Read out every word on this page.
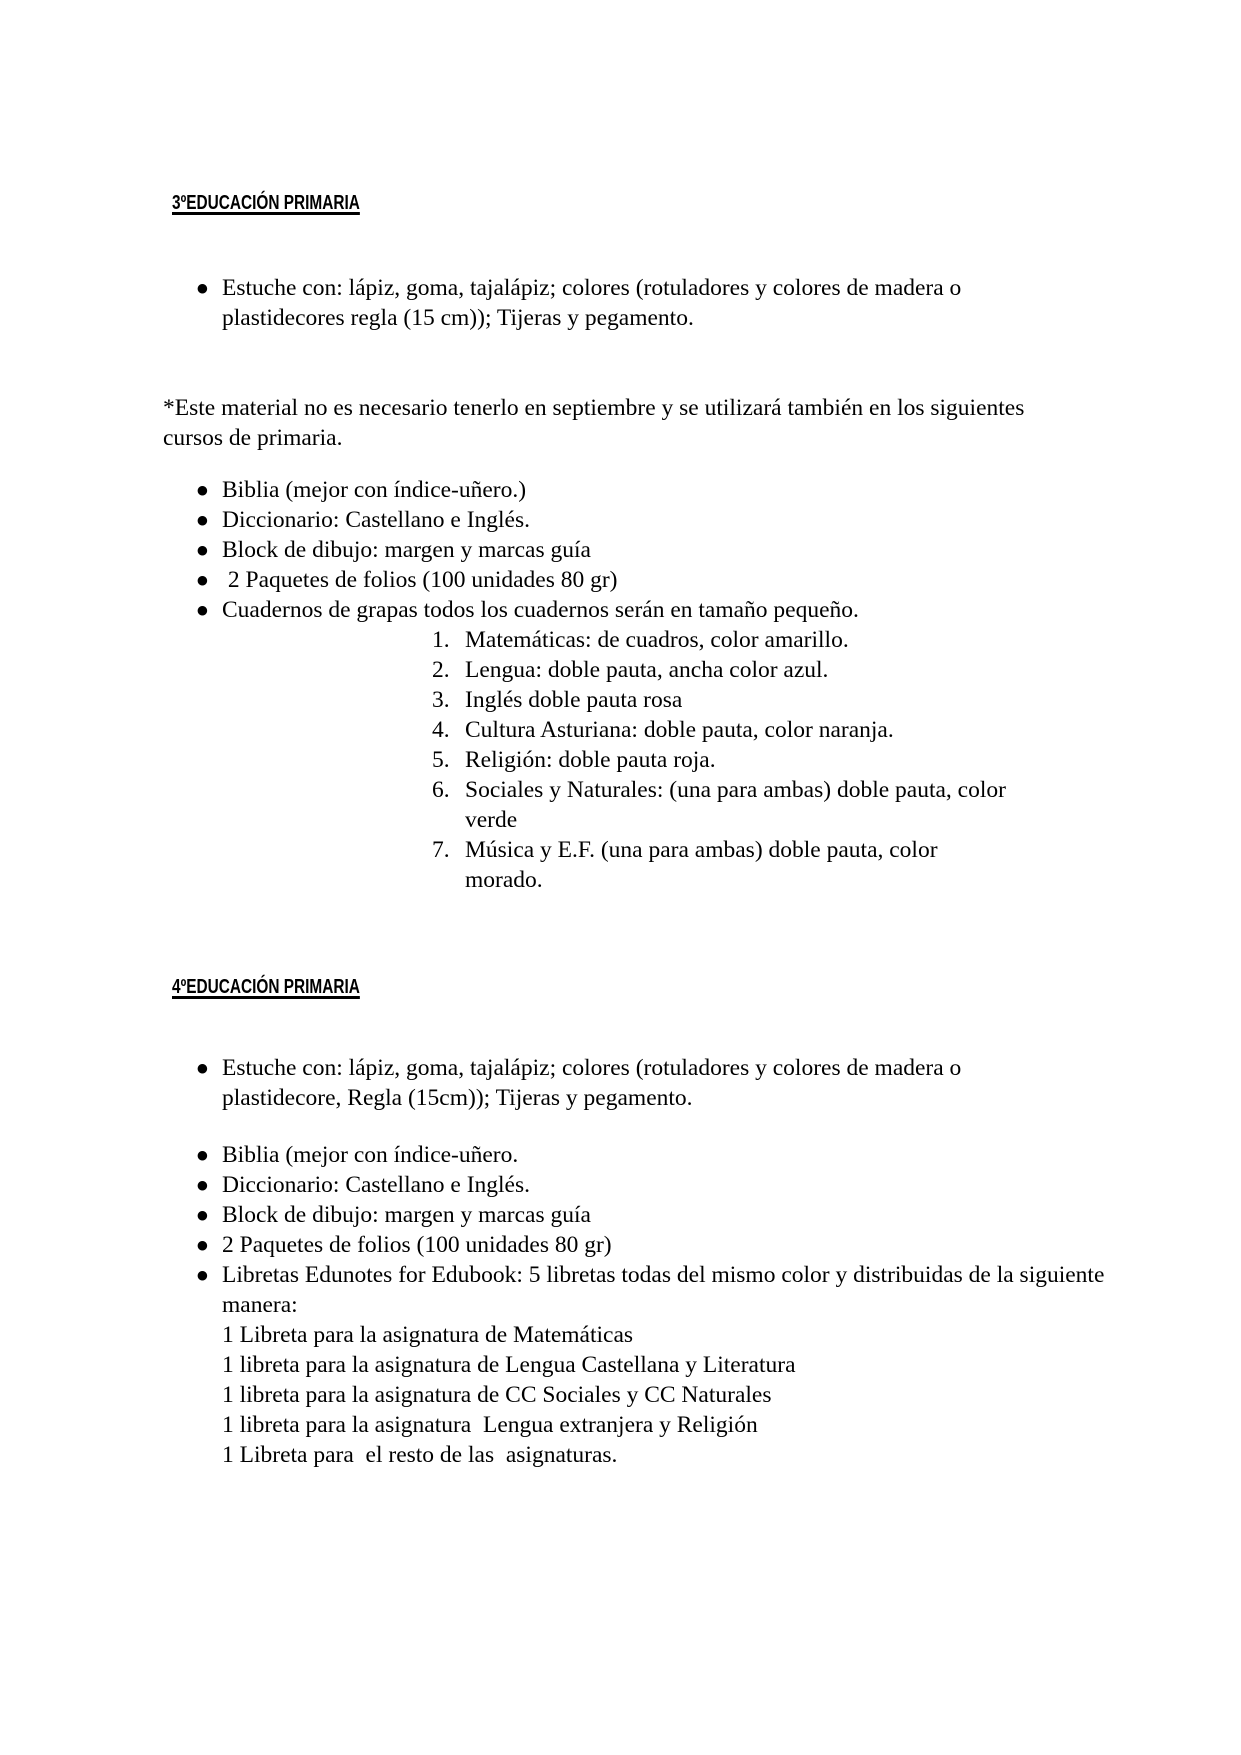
3ºEDUCACIÓN PRIMARIA
● Estuche con: lápiz, goma, tajalápiz; colores (rotuladores y colores de madera o plastidecores regla (15 cm)); Tijeras y pegamento.

*Este material no es necesario tenerlo en septiembre y se utilizará también en los siguientes cursos de primaria.

● Biblia (mejor con índice-uñero.)
● Diccionario: Castellano e Inglés.
● Block de dibujo: margen y marcas guía
●  2 Paquetes de folios (100 unidades 80 gr)
● Cuadernos de grapas todos los cuadernos serán en tamaño pequeño.
Matemáticas: de cuadros, color amarillo.
Lengua: doble pauta, ancha color azul.
Inglés doble pauta rosa
Cultura Asturiana: doble pauta, color naranja.
Religión: doble pauta roja.
Sociales y Naturales: (una para ambas) doble pauta, color verde
Música y E.F. (una para ambas) doble pauta, color morado.
4ºEDUCACIÓN PRIMARIA
● Estuche con: lápiz, goma, tajalápiz; colores (rotuladores y colores de madera o plastidecore, Regla (15cm)); Tijeras y pegamento.
● Biblia (mejor con índice-uñero.
● Diccionario: Castellano e Inglés.
● Block de dibujo: margen y marcas guía
● 2 Paquetes de folios (100 unidades 80 gr)
● Libretas Edunotes for Edubook: 5 libretas todas del mismo color y distribuidas de la siguiente manera:
1 Libreta para la asignatura de Matemáticas
1 libreta para la asignatura de Lengua Castellana y Literatura
1 libreta para la asignatura de CC Sociales y CC Naturales
1 libreta para la asignatura  Lengua extranjera y Religión
1 Libreta para  el resto de las  asignaturas.
